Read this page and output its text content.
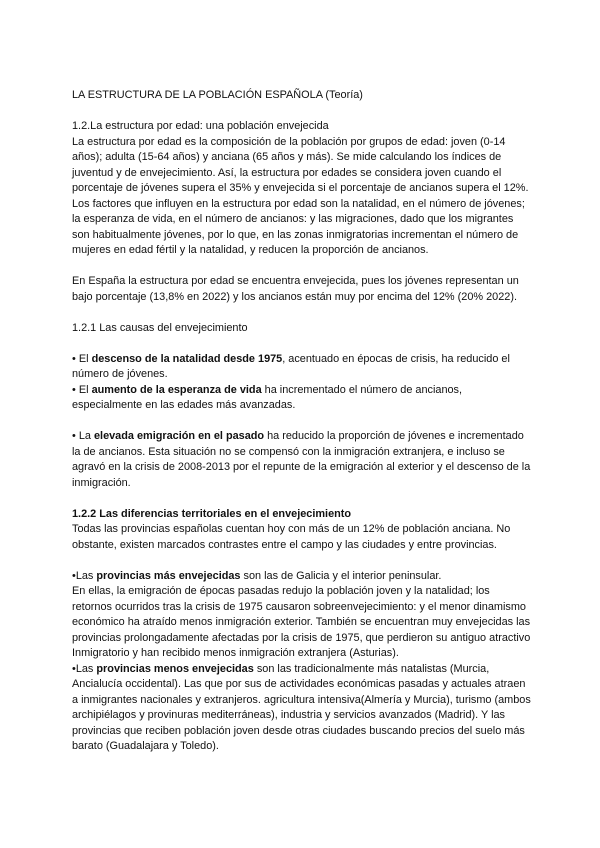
LA ESTRUCTURA DE LA POBLACIÓN ESPAÑOLA (Teoría)

1.2.La estructura por edad: una población envejecida

La estructura por edad es la composición de la población por grupos de edad: joven (0-14 años); adulta (15-64 años) y anciana (65 años y más). Se mide calculando los índices de juventud y de envejecimiento. Así, la estructura por edades se considera joven cuando el porcentaje de jóvenes supera el 35% y envejecida si el porcentaje de ancianos supera el 12%.

Los factores que influyen en la estructura por edad son la natalidad, en el número de jóvenes; la esperanza de vida, en el número de ancianos: y las migraciones, dado que los migrantes son habitualmente jóvenes, por lo que, en las zonas inmigratorias incrementan el número de mujeres en edad fértil y la natalidad, y reducen la proporción de ancianos.

En España la estructura por edad se encuentra envejecida, pues los jóvenes representan un bajo porcentaje (13,8% en 2022) y los ancianos están muy por encima del 12% (20% 2022).

1.2.1 Las causas del envejecimiento

• El descenso de la natalidad desde 1975, acentuado en épocas de crisis, ha reducido el número de jóvenes.

• El aumento de la esperanza de vida ha incrementado el número de ancianos, especialmente en las edades más avanzadas.

• La elevada emigración en el pasado ha reducido la proporción de jóvenes e incrementado la de ancianos. Esta situación no se compensó con la inmigración extranjera, e incluso se agravó en la crisis de 2008-2013 por el repunte de la emigración al exterior y el descenso de la inmigración.

1.2.2 Las diferencias territoriales en el envejecimiento

Todas las provincias españolas cuentan hoy con más de un 12% de población anciana. No obstante, existen marcados contrastes entre el campo y las ciudades y entre provincias.

•Las provincias más envejecidas son las de Galicia y el interior peninsular.

En ellas, la emigración de épocas pasadas redujo la población joven y la natalidad; los retornos ocurridos tras la crisis de 1975 causaron sobreenvejecimiento: y el menor dinamismo económico ha atraído menos inmigración exterior. También se encuentran muy envejecidas las provincias prolongadamente afectadas por la crisis de 1975, que perdieron su antiguo atractivo

Inmigratorio y han recibido menos inmigración extranjera (Asturias).

•Las provincias menos envejecidas son las tradicionalmente más natalistas (Murcia, Ancialucía occidental). Las que por sus de actividades económicas pasadas y actuales atraen a inmigrantes nacionales y extranjeros. agricultura intensiva(Almería y Murcia), turismo (ambos archipiélagos y provinuras mediterráneas), industria y servicios avanzados (Madrid). Y las provincias que reciben población joven desde otras ciudades buscando precios del suelo más barato (Guadalajara y Toledo).
